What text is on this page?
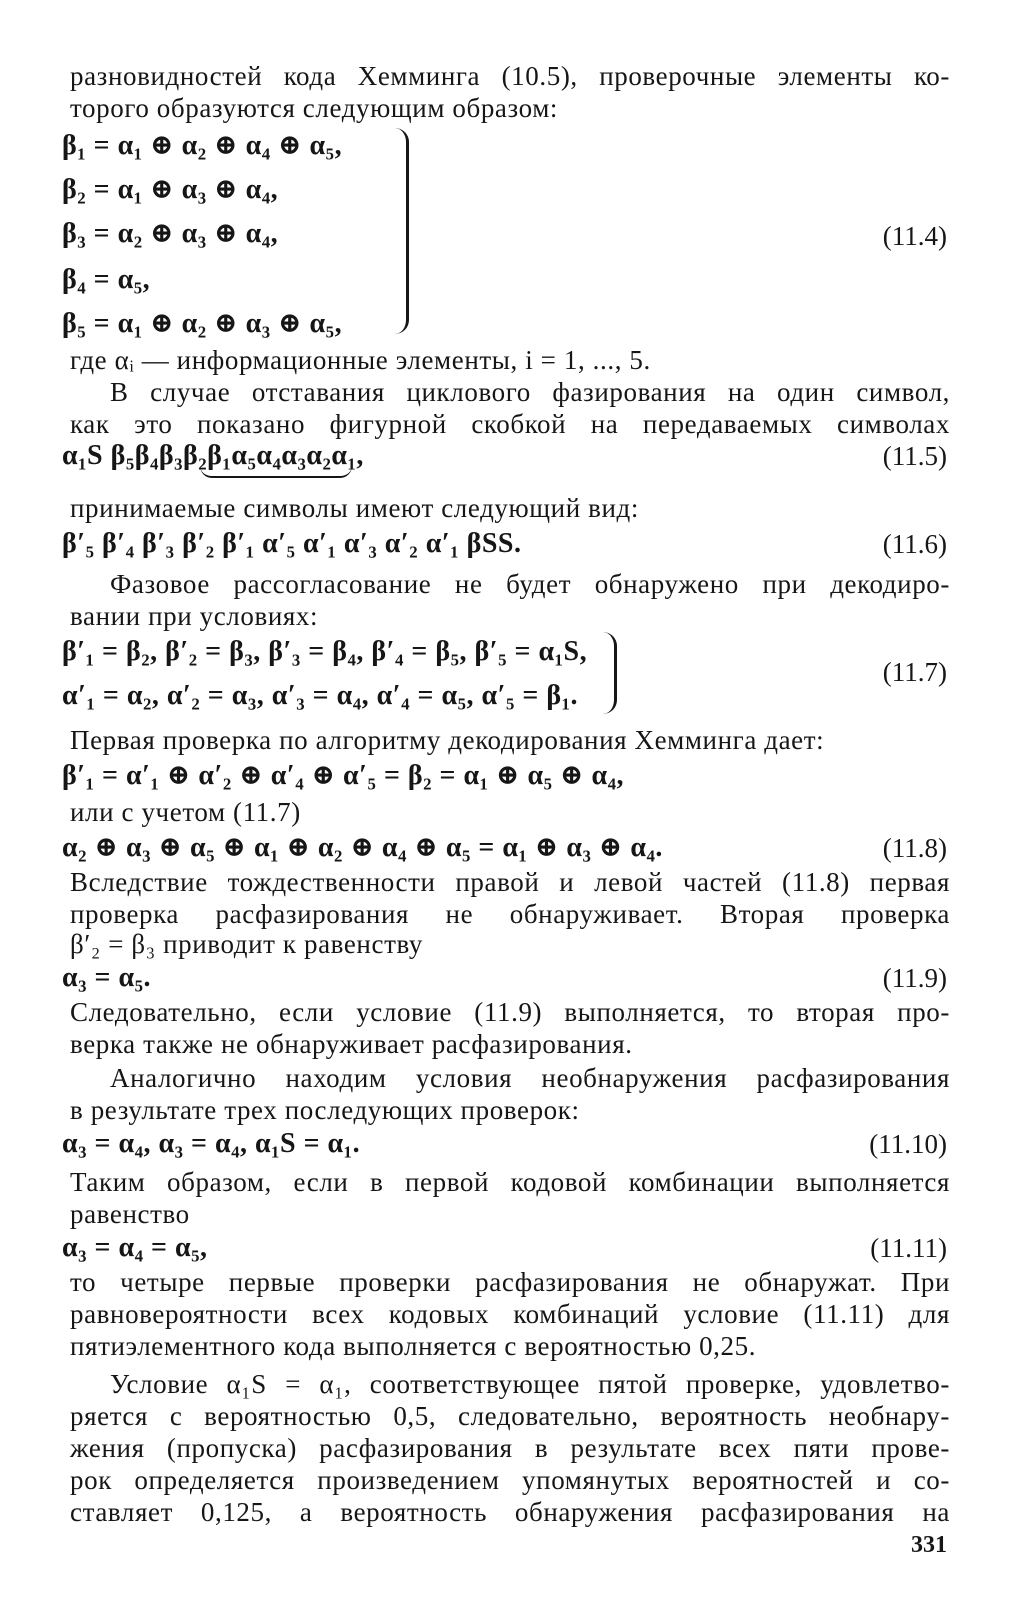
разновидностей кода Хемминга (10.5), проверочные элементы ко-
торого образуются следующим образом:
β₁ = α₁ ⊕ α₂ ⊕ α₄ ⊕ α₅,
β₂ = α₁ ⊕ α₃ ⊕ α₄,
β₃ = α₂ ⊕ α₃ ⊕ α₄,
β₄ = α₅,
β₅ = α₁ ⊕ α₂ ⊕ α₃ ⊕ α₅,
(11.4)
где αᵢ — информационные элементы, i = 1, ..., 5.
В случае отставания циклового фазирования на один символ,
как это показано фигурной скобкой на передаваемых символах
α₁S β₅β₄β₃β₂β₁α₅α₄α₃α₂α₁,	(11.5)
принимаемые символы имеют следующий вид:
β′₅ β′₄ β′₃ β′₂ β′₁ α′₅ α′₁ α′₃ α′₂ α′₁ βSS.	(11.6)
Фазовое рассогласование не будет обнаружено при декодиро-
вании при условиях:
β′₁ = β₂, β′₂ = β₃, β′₃ = β₄, β′₄ = β₅, β′₅ = α₁S,
α′₁ = α₂, α′₂ = α₃, α′₃ = α₄, α′₄ = α₅, α′₅ = β₁.
(11.7)
Первая проверка по алгоритму декодирования Хемминга дает:
β′₁ = α′₁ ⊕ α′₂ ⊕ α′₄ ⊕ α′₅ = β₂ = α₁ ⊕ α₅ ⊕ α₄,
или с учетом (11.7)
α₂ ⊕ α₃ ⊕ α₅ ⊕ α₁ ⊕ α₂ ⊕ α₄ ⊕ α₅ = α₁ ⊕ α₃ ⊕ α₄.	(11.8)
Вследствие тождественности правой и левой частей (11.8) первая
проверка расфазирования не обнаруживает. Вторая проверка
β′₂ = β₃ приводит к равенству
α₃ = α₅.	(11.9)
Следовательно, если условие (11.9) выполняется, то вторая про-
верка также не обнаруживает расфазирования.
Аналогично находим условия необнаружения расфазирования
в результате трех последующих проверок:
α₃ = α₄, α₃ = α₄, α₁S = α₁.	(11.10)
Таким образом, если в первой кодовой комбинации выполняется
равенство
α₃ = α₄ = α₅,	(11.11)
то четыре первые проверки расфазирования не обнаружат. При
равновероятности всех кодовых комбинаций условие (11.11) для
пятиэлементного кода выполняется с вероятностью 0,25.
Условие α₁S = α₁, соответствующее пятой проверке, удовлетво-
ряется с вероятностью 0,5, следовательно, вероятность необнару-
жения (пропуска) расфазирования в результате всех пяти прове-
рок определяется произведением упомянутых вероятностей и со-
ставляет 0,125, а вероятность обнаружения расфазирования на
331
